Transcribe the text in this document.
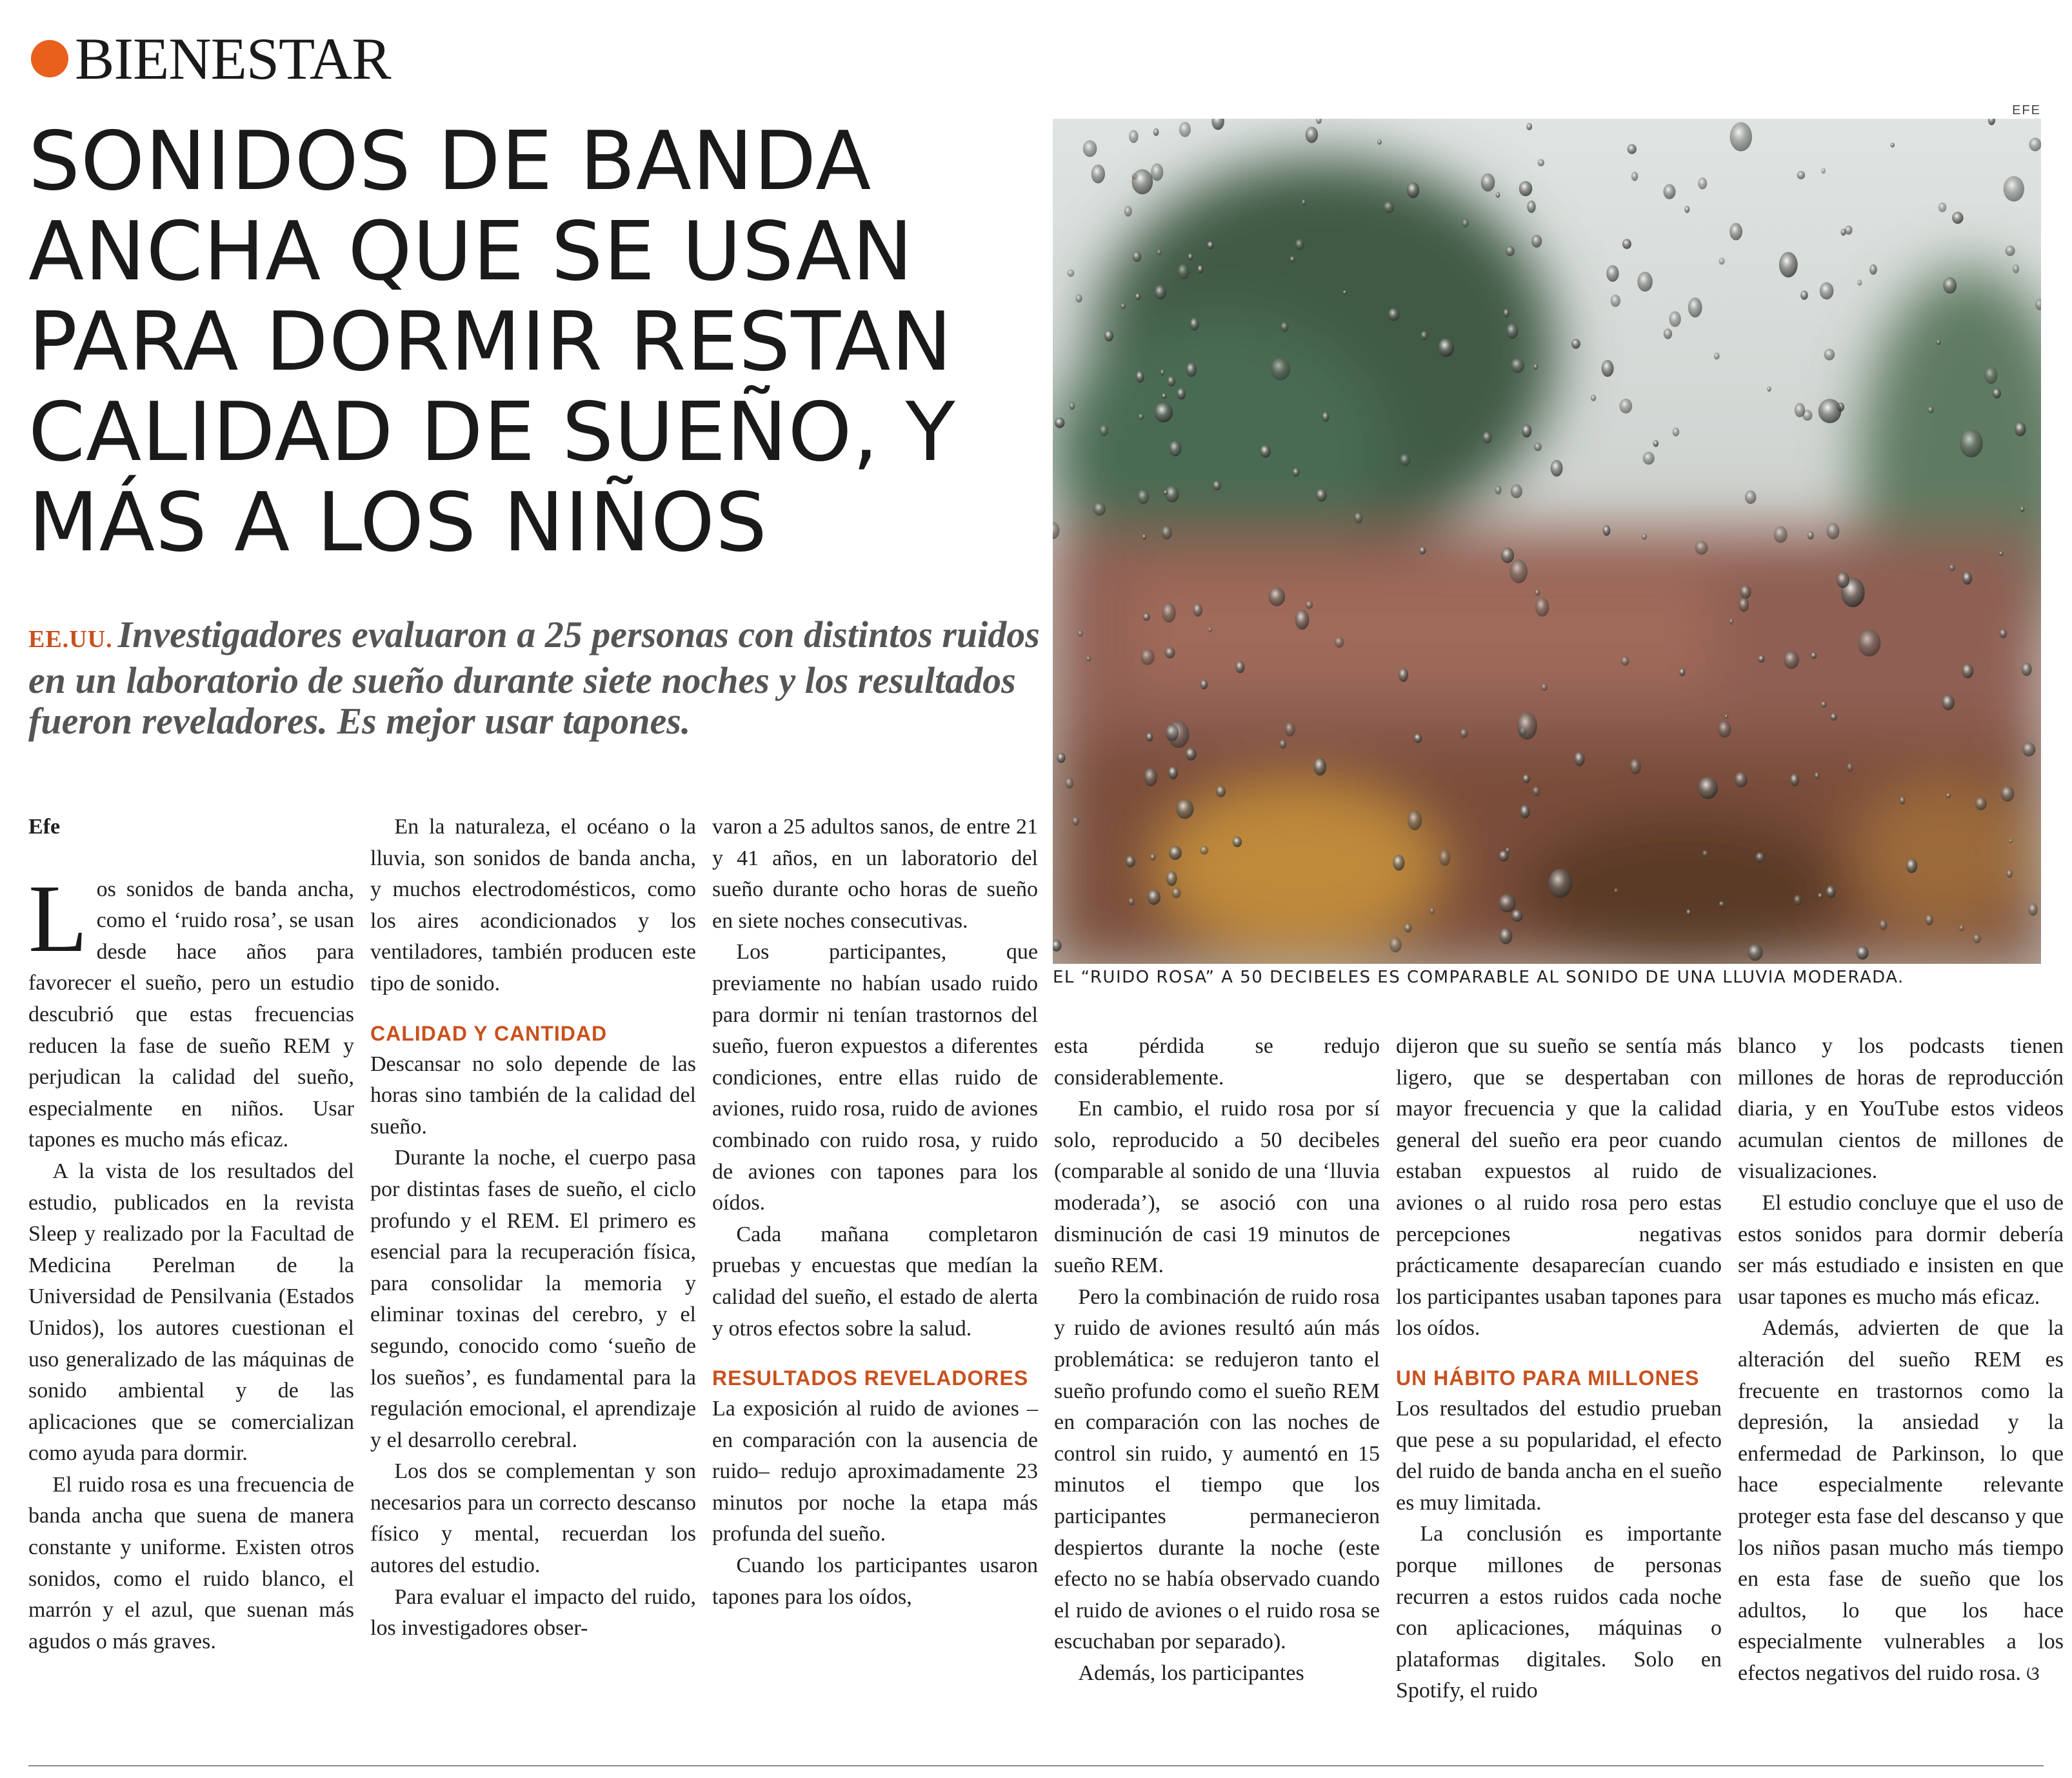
BIENESTAR
SONIDOS DE BANDA
ANCHA QUE SE USAN
PARA DORMIR RESTAN
CALIDAD DE SUEÑO, Y
MÁS A LOS NIÑOS

EE.UU. Investigadores evaluaron a 25 personas con distintos ruidos en un laboratorio de sueño durante siete noches y los resultados fueron reveladores. Es mejor usar tapones.

EFE
EL “RUIDO ROSA” A 50 DECIBELES ES COMPARABLE AL SONIDO DE UNA LLUVIA MODERADA.

Efe

Los sonidos de banda ancha, como el ‘ruido rosa’, se usan desde hace años para favorecer el sueño, pero un estudio descubrió que estas frecuencias reducen la fase de sueño REM y perjudican la calidad del sueño, especialmente en niños. Usar tapones es mucho más eficaz.

A la vista de los resultados del estudio, publicados en la revista Sleep y realizado por la Facultad de Medicina Perelman de la Universidad de Pensilvania (Estados Unidos), los autores cuestionan el uso generalizado de las máquinas de sonido ambiental y de las aplicaciones que se comercializan como ayuda para dormir.

El ruido rosa es una frecuencia de banda ancha que suena de manera constante y uniforme. Existen otros sonidos, como el ruido blanco, el marrón y el azul, que suenan más agudos o más graves.

En la naturaleza, el océano o la lluvia, son sonidos de banda ancha, y muchos electrodomésticos, como los aires acondicionados y los ventiladores, también producen este tipo de sonido.

CALIDAD Y CANTIDAD

Descansar no solo depende de las horas sino también de la calidad del sueño.

Durante la noche, el cuerpo pasa por distintas fases de sueño, el ciclo profundo y el REM. El primero es esencial para la recuperación física, para consolidar la memoria y eliminar toxinas del cerebro, y el segundo, conocido como ‘sueño de los sueños’, es fundamental para la regulación emocional, el aprendizaje y el desarrollo cerebral.

Los dos se complementan y son necesarios para un correcto descanso físico y mental, recuerdan los autores del estudio.

Para evaluar el impacto del ruido, los investigadores obser-

varon a 25 adultos sanos, de entre 21 y 41 años, en un laboratorio del sueño durante ocho horas de sueño en siete noches consecutivas.

Los participantes, que previamente no habían usado ruido para dormir ni tenían trastornos del sueño, fueron expuestos a diferentes condiciones, entre ellas ruido de aviones, ruido rosa, ruido de aviones combinado con ruido rosa, y ruido de aviones con tapones para los oídos.

Cada mañana completaron pruebas y encuestas que medían la calidad del sueño, el estado de alerta y otros efectos sobre la salud.

RESULTADOS REVELADORES

La exposición al ruido de aviones –en comparación con la ausencia de ruido– redujo aproximadamente 23 minutos por noche la etapa más profunda del sueño.

Cuando los participantes usaron tapones para los oídos,

esta pérdida se redujo considerablemente.

En cambio, el ruido rosa por sí solo, reproducido a 50 decibeles (comparable al sonido de una ‘lluvia moderada’), se asoció con una disminución de casi 19 minutos de sueño REM.

Pero la combinación de ruido rosa y ruido de aviones resultó aún más problemática: se redujeron tanto el sueño profundo como el sueño REM en comparación con las noches de control sin ruido, y aumentó en 15 minutos el tiempo que los participantes permanecieron despiertos durante la noche (este efecto no se había observado cuando el ruido de aviones o el ruido rosa se escuchaban por separado).

Además, los participantes

dijeron que su sueño se sentía más ligero, que se despertaban con mayor frecuencia y que la calidad general del sueño era peor cuando estaban expuestos al ruido de aviones o al ruido rosa pero estas percepciones negativas prácticamente desaparecían cuando los participantes usaban tapones para los oídos.

UN HÁBITO PARA MILLONES

Los resultados del estudio prueban que pese a su popularidad, el efecto del ruido de banda ancha en el sueño es muy limitada.

La conclusión es importante porque millones de personas recurren a estos ruidos cada noche con aplicaciones, máquinas o plataformas digitales. Solo en Spotify, el ruido

blanco y los podcasts tienen millones de horas de reproducción diaria, y en YouTube estos videos acumulan cientos de millones de visualizaciones.

El estudio concluye que el uso de estos sonidos para dormir debería ser más estudiado e insisten en que usar tapones es mucho más eficaz.

Además, advierten de que la alteración del sueño REM es frecuente en trastornos como la depresión, la ansiedad y la enfermedad de Parkinson, lo que hace especialmente relevante proteger esta fase del descanso y que los niños pasan mucho más tiempo en esta fase de sueño que los adultos, lo que los hace especialmente vulnerables a los efectos negativos del ruido rosa. ଓ
